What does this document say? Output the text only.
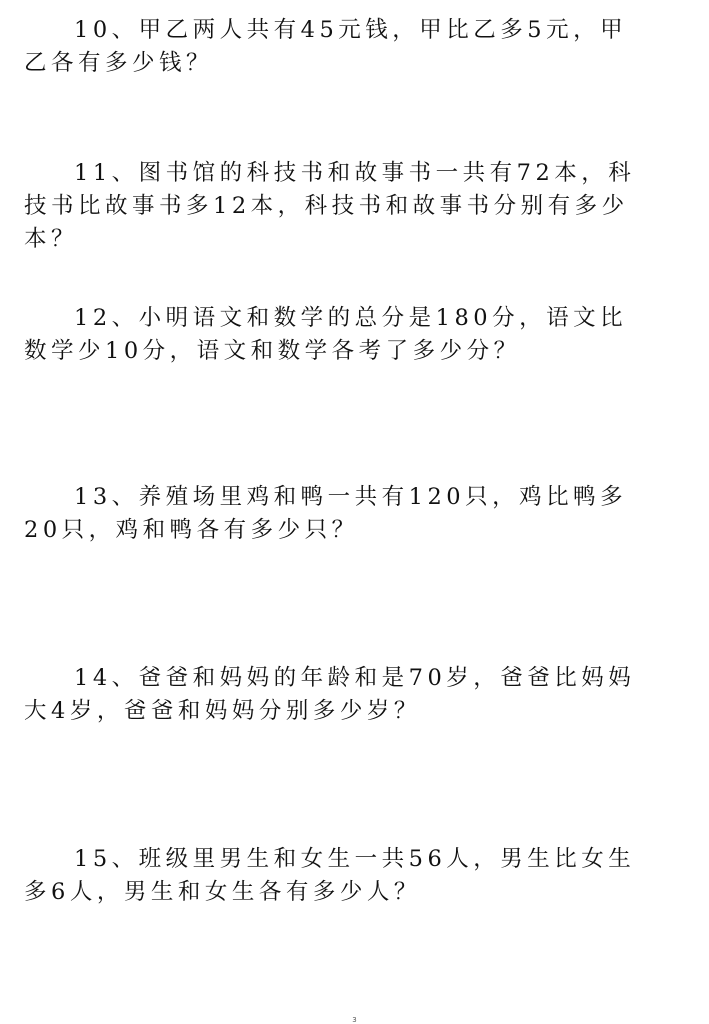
10、甲乙两人共有45元钱，甲比乙多5元，甲乙各有多少钱？

11、图书馆的科技书和故事书一共有72本，科技书比故事书多12本，科技书和故事书分别有多少本？

12、小明语文和数学的总分是180分，语文比数学少10分，语文和数学各考了多少分？

13、养殖场里鸡和鸭一共有120只，鸡比鸭多20只，鸡和鸭各有多少只？

14、爸爸和妈妈的年龄和是70岁，爸爸比妈妈大4岁，爸爸和妈妈分别多少岁？

15、班级里男生和女生一共56人，男生比女生多6人，男生和女生各有多少人？

3
